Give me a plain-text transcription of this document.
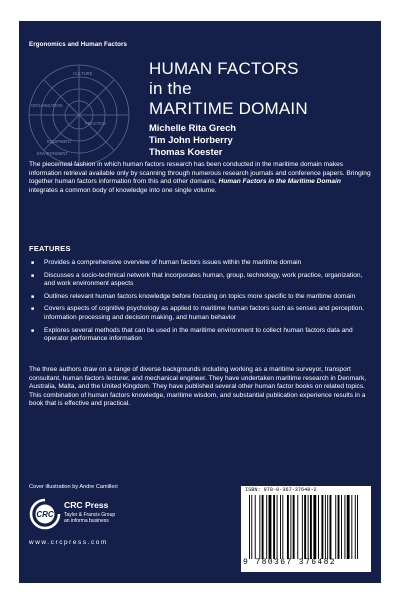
Ergonomics and Human Factors
CULTURE
ORGANIZATION
PRACTICE
EQUIPMENT
ENVIRONMENT
HUMAN FACTORS
in the
MARITIME DOMAIN
Michelle Rita Grech
Tim John Horberry
Thomas Koester

The piecemeal fashion in which human factors research has been conducted in the maritime domain makes information retrieval available only by scanning through numerous research journals and conference papers. Bringing together human factors information from this and other domains, Human Factors in the Maritime Domain integrates a common body of knowledge into one single volume.

FEATURES
■ Provides a comprehensive overview of human factors issues within the maritime domain
■ Discusses a socio-technical network that incorporates human, group, technology, work practice, organization, and work environment aspects
■ Outlines relevant human factors knowledge before focusing on topics more specific to the maritime domain
■ Covers aspects of cognitive psychology as applied to maritime human factors such as senses and perception, information processing and decision making, and human behavior
■ Explores several methods that can be used in the maritime environment to collect human factors data and operator performance information

The three authors draw on a range of diverse backgrounds including working as a maritime surveyor, transport consultant, human factors lecturer, and mechanical engineer. They have undertaken maritime research in Denmark, Australia, Malta, and the United Kingdom. They have published several other human factor books on related topics. This combination of human factors knowledge, maritime wisdom, and substantial publication experience results in a book that is effective and practical.

Cover illustration by Andre Camilleri
CRC
CRC Press
Taylor & Francis Group
an informa business
www.crcpress.com
ISBN: 978-0-367-37648-2
9 780367 376482
